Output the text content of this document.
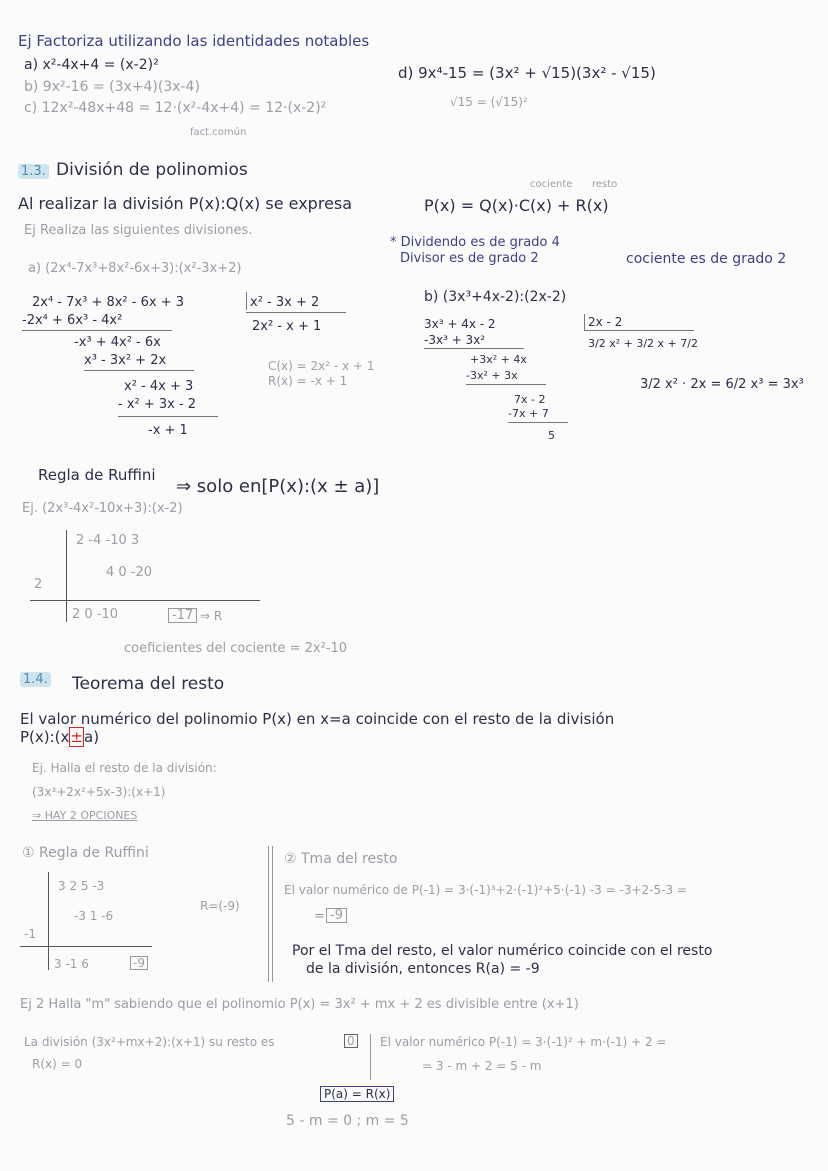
Ej Factoriza utilizando las identidades notables
a) x²-4x+4 = (x-2)²
b) 9x²-16 = (3x+4)(3x-4)
c) 12x²-48x+48 = 12·(x²-4x+4) = 12·(x-2)²
fact.común
d) 9x⁴-15 = (3x² + √15)(3x² - √15)
√15 = (√15)²
1.3. División de polinomios
cociente resto
Al realizar la división P(x):Q(x) se expresa	P(x) = Q(x)·C(x) + R(x)
Ej Realiza las siguientes divisiones.
* Dividendo es de grado 4
Divisor es de grado 2	cociente es de grado 2
a) (2x⁴-7x³+8x²-6x+3):(x²-3x+2)
2x⁴ - 7x³ + 8x² - 6x + 3
-2x⁴ + 6x³ - 4x²
-x³ + 4x² - 6x
x³ - 3x² + 2x
x² - 4x + 3
- x² + 3x - 2
-x + 1
x² - 3x + 2
2x² - x + 1
C(x) = 2x² - x + 1
R(x) = -x + 1
b) (3x³+4x-2):(2x-2)
3x³ + 4x - 2
-3x³ + 3x²
+3x² + 4x
-3x² + 3x
7x - 2
-7x + 7
5
2x - 2
3/2 x² + 3/2 x + 7/2
3/2 x² · 2x = 6/2 x³ = 3x³
Regla de Ruffini
⇒ solo en[P(x):(x ± a)]
Ej. (2x³-4x²-10x+3):(x-2)
2 -4 -10 3
4 0 -20
2
2 0 -10	-17 ⇒ R
coeficientes del cociente = 2x²-10
1.4. Teorema del resto
El valor numérico del polinomio P(x) en x=a coincide con el resto de la división
P(x):(x±a)
Ej. Halla el resto de la división:
(3x³+2x²+5x-3):(x+1)
⇒ HAY 2 OPCIONES
① Regla de Ruffini
3 2 5 -3
-3 1 -6
-1
3 -1 6	-9
R=(-9)
② Tma del resto
El valor numérico de P(-1) = 3·(-1)³+2·(-1)²+5·(-1) -3 = -3+2-5-3 =
= -9
Por el Tma del resto, el valor numérico coincide con el resto
de la división, entonces R(a) = -9
Ej 2 Halla "m" sabiendo que el polinomio P(x) = 3x² + mx + 2 es divisible entre (x+1)
La división (3x²+mx+2):(x+1) su resto es	0
R(x) = 0
El valor numérico P(-1) = 3·(-1)² + m·(-1) + 2 =
= 3 - m + 2 = 5 - m
P(a) = R(x)
5 - m = 0 ; m = 5
